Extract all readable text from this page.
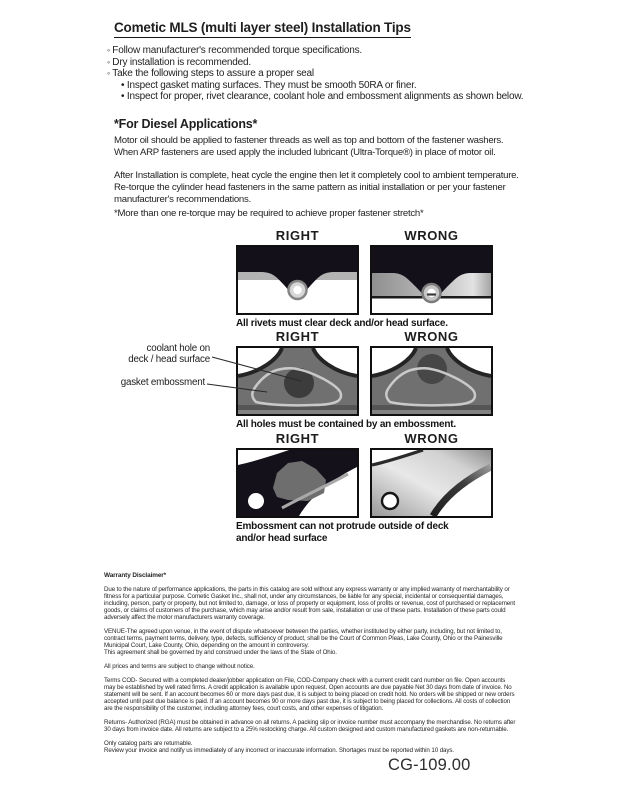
Cometic MLS (multi layer steel) Installation Tips
◦ Follow manufacturer's recommended torque specifications.
◦ Dry installation is recommended.
◦ Take the following steps to assure a proper seal
• Inspect gasket mating surfaces. They must be smooth 50RA or finer.
• Inspect for proper, rivet clearance, coolant hole and embossment alignments as shown below.
*For Diesel Applications*
Motor oil should be applied to fastener threads as well as top and bottom of the fastener washers. When ARP fasteners are used apply the included lubricant (Ultra-Torque®) in place of motor oil.
After Installation is complete, heat cycle the engine then let it completely cool to ambient temperature. Re-torque the cylinder head fasteners in the same pattern as initial installation or per your fastener manufacturer's recommendations.
*More than one re-torque may be required to achieve proper fastener stretch*
RIGHT	WRONG
All rivets must clear deck and/or head surface.
RIGHT	WRONG
All holes must be contained by an embossment.
coolant hole on
deck / head surface
gasket embossment
RIGHT	WRONG
Embossment can not protrude outside of deck
and/or head surface
Warranty Disclaimer*
Due to the nature of performance applications, the parts in this catalog are sold without any express warranty or any implied warranty of merchantability or fitness for a particular purpose. Cometic Gasket Inc., shall not, under any circumstances, be liable for any special, incidental or consequential damages, including, person, party or property, but not limited to, damage, or loss of property or equipment, loss of profits or revenue, cost of purchased or replacement goods, or claims of customers of the purchase, which may arise and/or result from sale, installation or use of these parts. Installation of these parts could adversely affect the motor manufacturers warranty coverage.
VENUE-The agreed upon venue, in the event of dispute whatsoever between the parties, whether instituted by either party, including, but not limited to, contract terms, payment terms, delivery, type, defects, sufficiency of product, shall be the Court of Common Pleas, Lake County, Ohio or the Painesville Municipal Court, Lake County, Ohio, depending on the amount in controversy.
This agreement shall be governed by and construed under the laws of the State of Ohio.
All prices and terms are subject to change without notice.
Terms COD- Secured with a completed dealer/jobber application on File, COD-Company check with a current credit card number on file. Open accounts may be established by well rated firms. A credit application is available upon request. Open accounts are due payable Net 30 days from date of invoice. No statement will be sent. If an account becomes 60 or more days past due, it is subject to being placed on credit hold. No orders will be shipped or new orders accepted until past due balance is paid. If an account becomes 90 or more days past due, it is subject to being placed for collections. All costs of collection are the responsibility of the customer, including attorney fees, court costs, and other expenses of litigation.
Returns- Authorized (RGA) must be obtained in advance on all returns. A packing slip or invoice number must accompany the merchandise. No returns after 30 days from invoice date. All returns are subject to a 25% restocking charge. All custom designed and custom manufactured gaskets are non-returnable.
Only catalog parts are returnable.
Review your invoice and notify us immediately of any incorrect or inaccurate information. Shortages must be reported within 10 days.
CG-109.00
